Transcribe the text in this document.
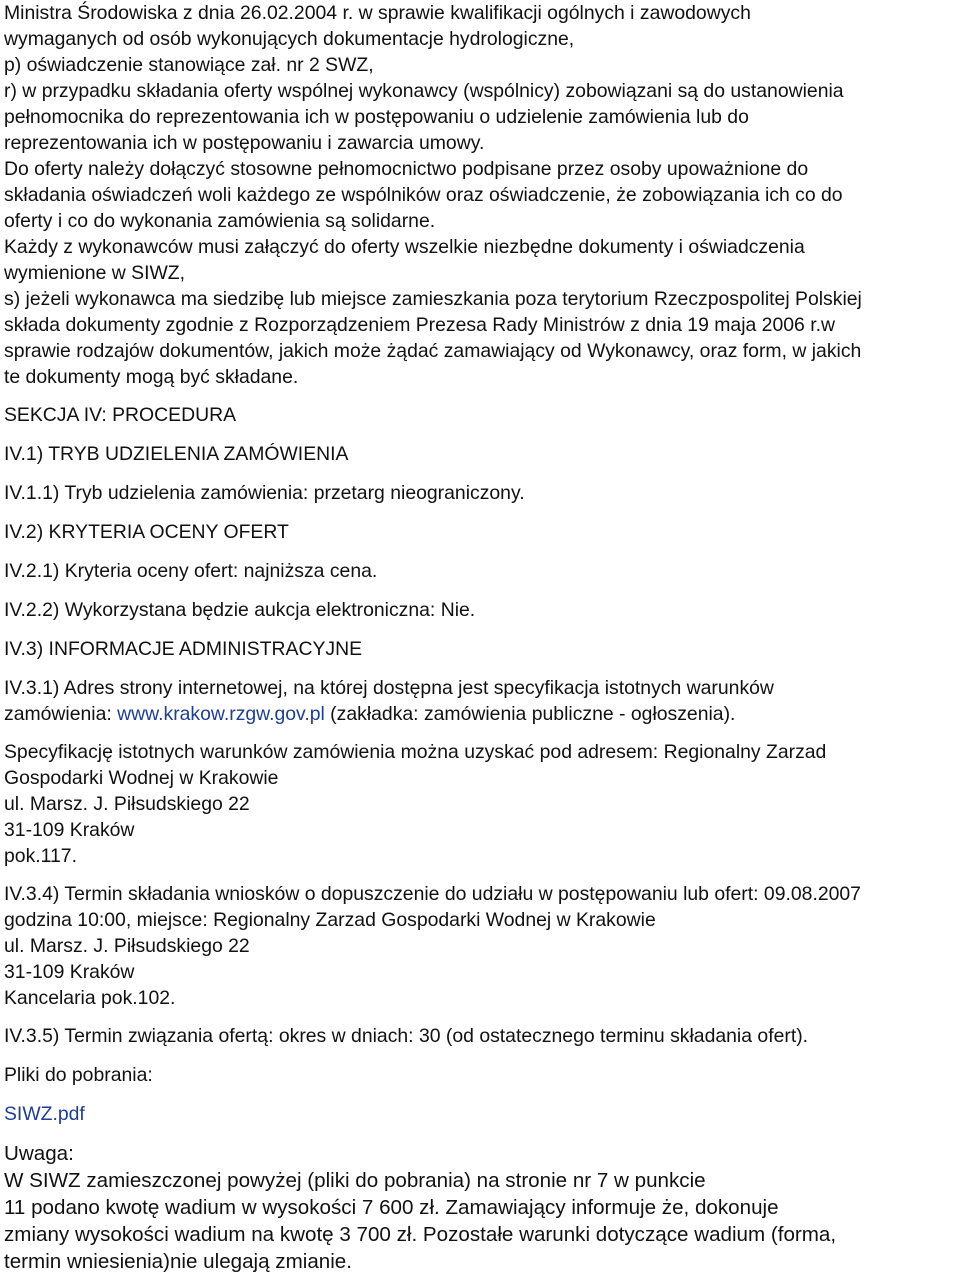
Ministra Środowiska z dnia 26.02.2004 r. w sprawie kwalifikacji ogólnych i zawodowych
wymaganych od osób wykonujących dokumentacje hydrologiczne,
p) oświadczenie stanowiące zał. nr 2 SWZ,
r) w przypadku składania oferty wspólnej wykonawcy (wspólnicy) zobowiązani są do ustanowienia
pełnomocnika do reprezentowania ich w postępowaniu o udzielenie zamówienia lub do
reprezentowania ich w postępowaniu i zawarcia umowy.
Do oferty należy dołączyć stosowne pełnomocnictwo podpisane przez osoby upoważnione do
składania oświadczeń woli każdego ze wspólników oraz oświadczenie, że zobowiązania ich co do
oferty i co do wykonania zamówienia są solidarne.
Każdy z wykonawców musi załączyć do oferty wszelkie niezbędne dokumenty i oświadczenia
wymienione w SIWZ,
s) jeżeli wykonawca ma siedzibę lub miejsce zamieszkania poza terytorium Rzeczpospolitej Polskiej
składa dokumenty zgodnie z Rozporządzeniem Prezesa Rady Ministrów z dnia 19 maja 2006 r.w
sprawie rodzajów dokumentów, jakich może żądać zamawiający od Wykonawcy, oraz form, w jakich
te dokumenty mogą być składane.
SEKCJA IV: PROCEDURA
IV.1) TRYB UDZIELENIA ZAMÓWIENIA
IV.1.1) Tryb udzielenia zamówienia: przetarg nieograniczony.
IV.2) KRYTERIA OCENY OFERT
IV.2.1) Kryteria oceny ofert: najniższa cena.
IV.2.2) Wykorzystana będzie aukcja elektroniczna: Nie.
IV.3) INFORMACJE ADMINISTRACYJNE
IV.3.1) Adres strony internetowej, na której dostępna jest specyfikacja istotnych warunków
zamówienia: www.krakow.rzgw.gov.pl (zakładka: zamówienia publiczne - ogłoszenia).
Specyfikację istotnych warunków zamówienia można uzyskać pod adresem: Regionalny Zarzad
Gospodarki Wodnej w Krakowie
ul. Marsz. J. Piłsudskiego 22
31-109 Kraków
pok.117.
IV.3.4) Termin składania wniosków o dopuszczenie do udziału w postępowaniu lub ofert: 09.08.2007
godzina 10:00, miejsce: Regionalny Zarzad Gospodarki Wodnej w Krakowie
ul. Marsz. J. Piłsudskiego 22
31-109 Kraków
Kancelaria pok.102.
IV.3.5) Termin związania ofertą: okres w dniach: 30 (od ostatecznego terminu składania ofert).
Pliki do pobrania:
SIWZ.pdf
Uwaga:
W SIWZ zamieszczonej powyżej (pliki do pobrania) na stronie nr 7 w punkcie
11 podano kwotę wadium w wysokości 7 600 zł. Zamawiający informuje że, dokonuje
zmiany wysokości wadium na kwotę 3 700 zł. Pozostałe warunki dotyczące wadium (forma,
termin wniesienia)nie ulegają zmianie.
